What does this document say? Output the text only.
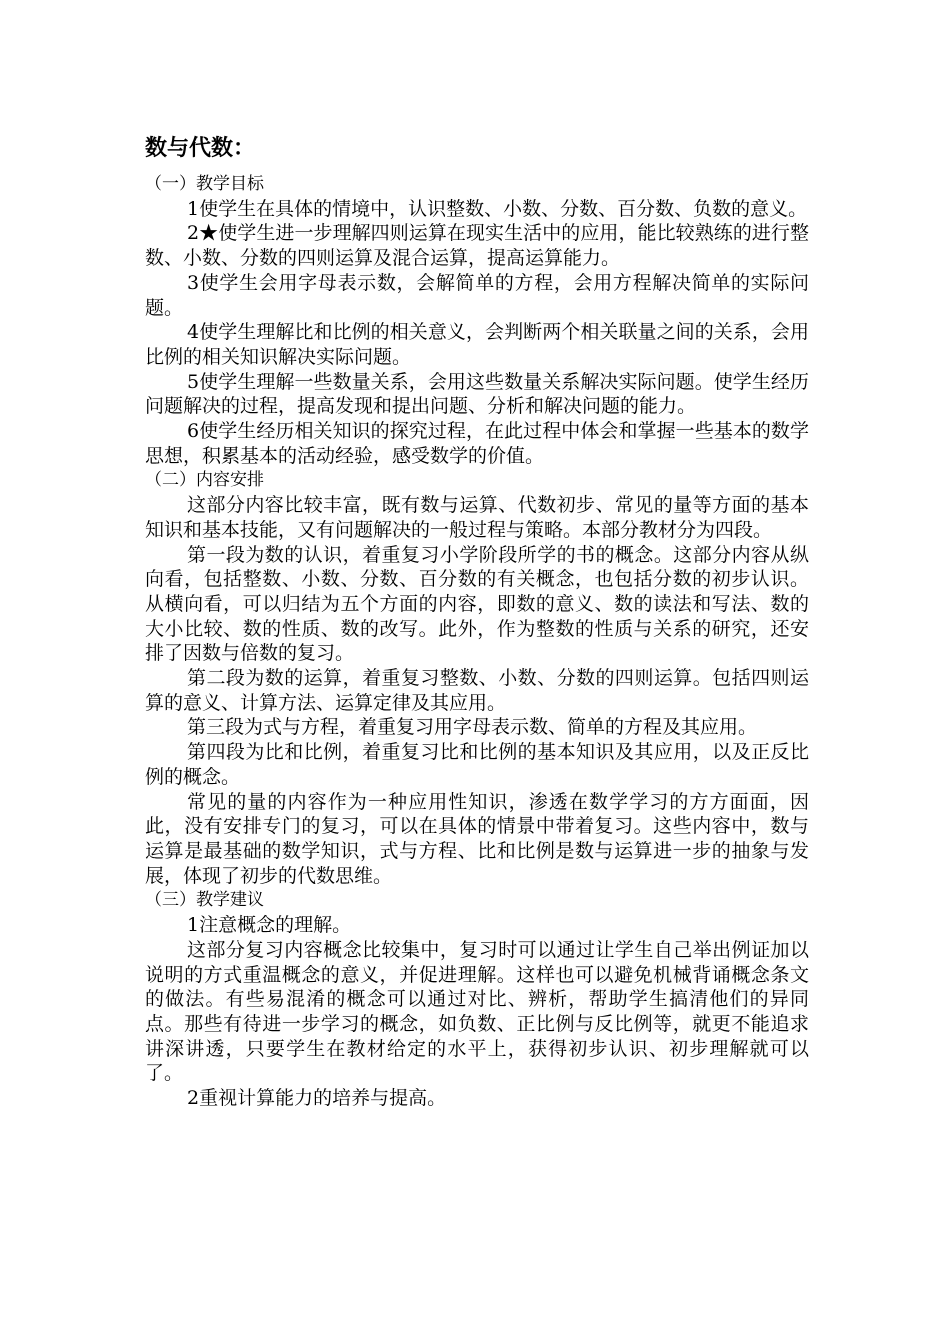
数与代数：

（一）教学目标

1使学生在具体的情境中，认识整数、小数、分数、百分数、负数的意义。

2★使学生进一步理解四则运算在现实生活中的应用，能比较熟练的进行整数、小数、分数的四则运算及混合运算，提高运算能力。

3使学生会用字母表示数，会解简单的方程，会用方程解决简单的实际问题。

4使学生理解比和比例的相关意义，会判断两个相关联量之间的关系，会用比例的相关知识解决实际问题。

5使学生理解一些数量关系，会用这些数量关系解决实际问题。使学生经历问题解决的过程，提高发现和提出问题、分析和解决问题的能力。

6使学生经历相关知识的探究过程，在此过程中体会和掌握一些基本的数学思想，积累基本的活动经验，感受数学的价值。

（二）内容安排

这部分内容比较丰富，既有数与运算、代数初步、常见的量等方面的基本知识和基本技能，又有问题解决的一般过程与策略。本部分教材分为四段。

第一段为数的认识，着重复习小学阶段所学的书的概念。这部分内容从纵向看，包括整数、小数、分数、百分数的有关概念，也包括分数的初步认识。从横向看，可以归结为五个方面的内容，即数的意义、数的读法和写法、数的大小比较、数的性质、数的改写。此外，作为整数的性质与关系的研究，还安排了因数与倍数的复习。

第二段为数的运算，着重复习整数、小数、分数的四则运算。包括四则运算的意义、计算方法、运算定律及其应用。

第三段为式与方程，着重复习用字母表示数、简单的方程及其应用。

第四段为比和比例，着重复习比和比例的基本知识及其应用，以及正反比例的概念。

常见的量的内容作为一种应用性知识，渗透在数学学习的方方面面，因此，没有安排专门的复习，可以在具体的情景中带着复习。这些内容中，数与运算是最基础的数学知识，式与方程、比和比例是数与运算进一步的抽象与发展，体现了初步的代数思维。

（三）教学建议

1注意概念的理解。

这部分复习内容概念比较集中，复习时可以通过让学生自己举出例证加以说明的方式重温概念的意义，并促进理解。这样也可以避免机械背诵概念条文的做法。有些易混淆的概念可以通过对比、辨析，帮助学生搞清他们的异同点。那些有待进一步学习的概念，如负数、正比例与反比例等，就更不能追求讲深讲透，只要学生在教材给定的水平上，获得初步认识、初步理解就可以了。

2重视计算能力的培养与提高。
